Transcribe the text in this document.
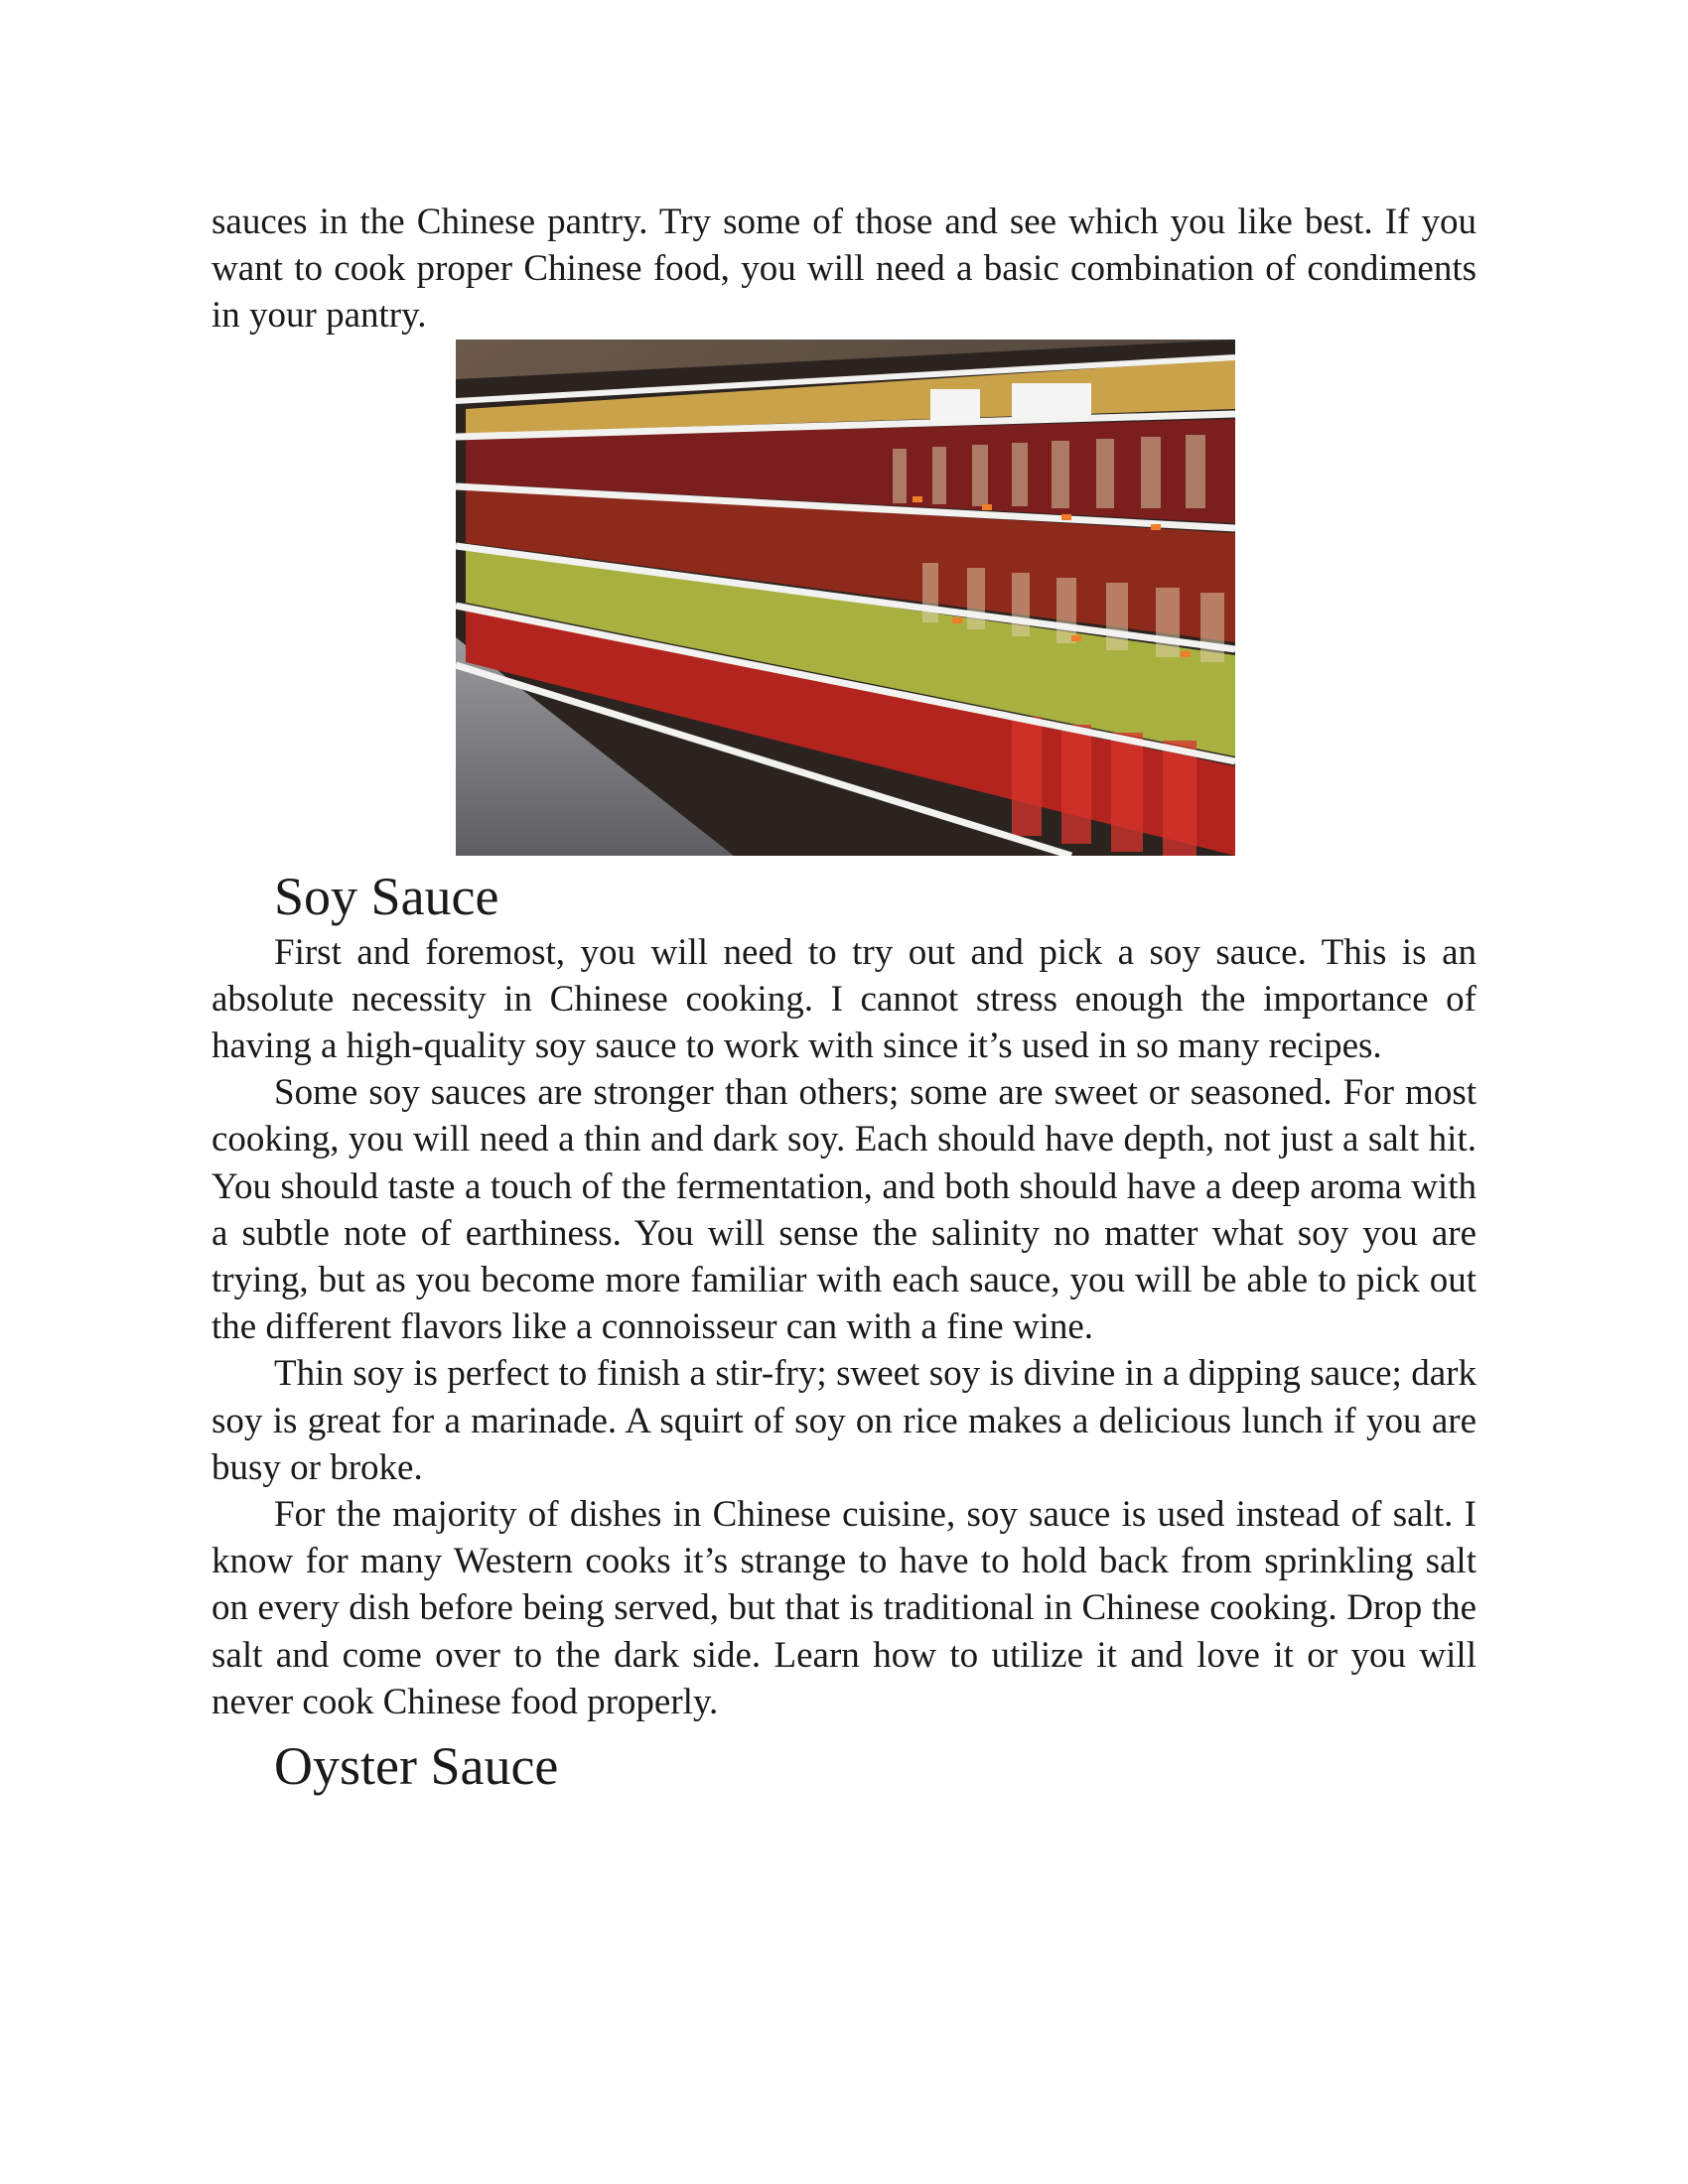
sauces in the Chinese pantry. Try some of those and see which you like best. If you want to cook proper Chinese food, you will need a basic combination of condiments in your pantry.

Soy Sauce

First and foremost, you will need to try out and pick a soy sauce. This is an absolute necessity in Chinese cooking. I cannot stress enough the importance of having a high-quality soy sauce to work with since it’s used in so many recipes.

Some soy sauces are stronger than others; some are sweet or seasoned. For most cooking, you will need a thin and dark soy. Each should have depth, not just a salt hit. You should taste a touch of the fermentation, and both should have a deep aroma with a subtle note of earthiness. You will sense the salinity no matter what soy you are trying, but as you become more familiar with each sauce, you will be able to pick out the different flavors like a connoisseur can with a fine wine.

Thin soy is perfect to finish a stir-fry; sweet soy is divine in a dipping sauce; dark soy is great for a marinade. A squirt of soy on rice makes a delicious lunch if you are busy or broke.

For the majority of dishes in Chinese cuisine, soy sauce is used instead of salt. I know for many Western cooks it’s strange to have to hold back from sprinkling salt on every dish before being served, but that is traditional in Chinese cooking. Drop the salt and come over to the dark side. Learn how to utilize it and love it or you will never cook Chinese food properly.

Oyster Sauce
